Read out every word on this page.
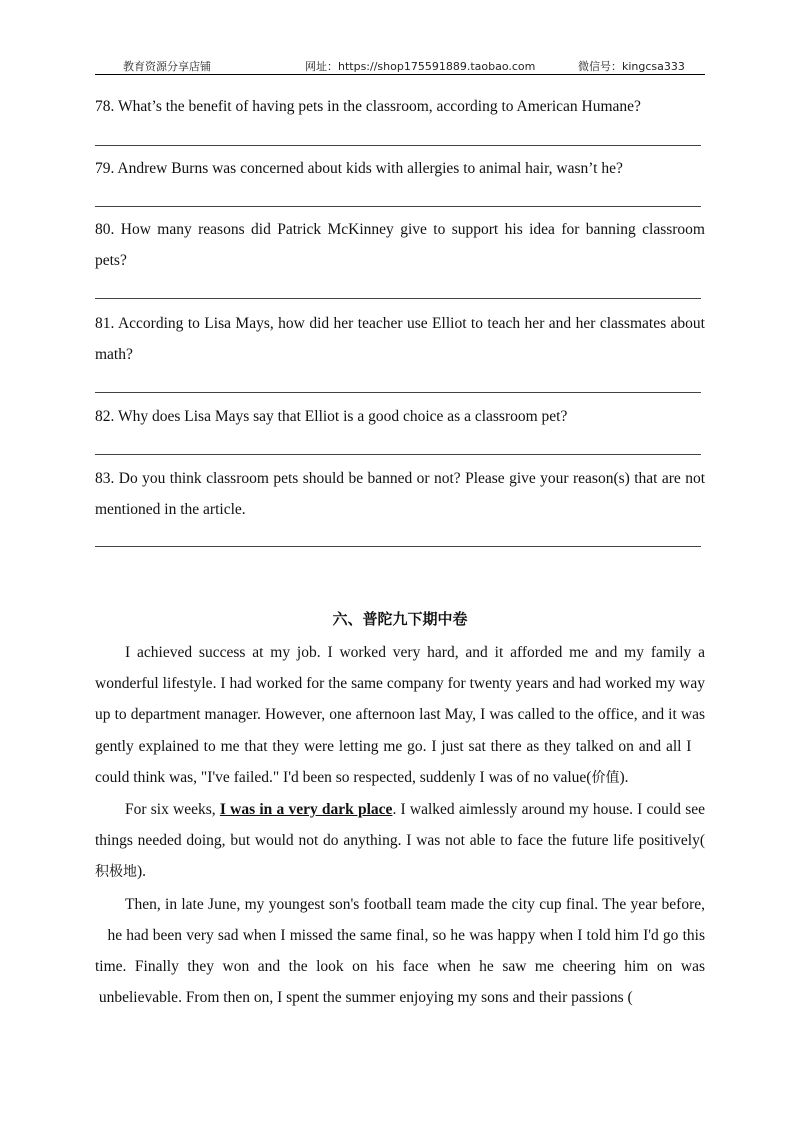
教育资源分享店铺	网址：https://shop175591889.taobao.com	微信号：kingcsa333
78. What’s the benefit of having pets in the classroom, according to American Humane?
79. Andrew Burns was concerned about kids with allergies to animal hair, wasn’t he?
80. How many reasons did Patrick McKinney give to support his idea for banning classroom pets?
81. According to Lisa Mays, how did her teacher use Elliot to teach her and her classmates about math?
82. Why does Lisa Mays say that Elliot is a good choice as a classroom pet?
83. Do you think classroom pets should be banned or not? Please give your reason(s) that are not mentioned in the article.
六、普陀九下期中卷

I achieved success at my job. I worked very hard, and it afforded me and my family a wonderful lifestyle. I had worked for the same company for twenty years and had worked my way up to department manager. However, one afternoon last May, I was called to the office, and it was gently explained to me that they were letting me go. I just sat there as they talked on and all I    could think was, "I've failed." I'd been so respected, suddenly I was of no value(价值).

For six weeks, I was in a very dark place. I walked aimlessly around my house. I could see things needed doing, but would not do anything. I was not able to face the future life positively( 积极地).

Then, in late June, my youngest son's football team made the city cup final. The year before,    he had been very sad when I missed the same final, so he was happy when I told him I'd go this time. Finally they won and the look on his face when he saw me cheering him on was  unbelievable. From then on, I spent the summer enjoying my sons and their passions (
